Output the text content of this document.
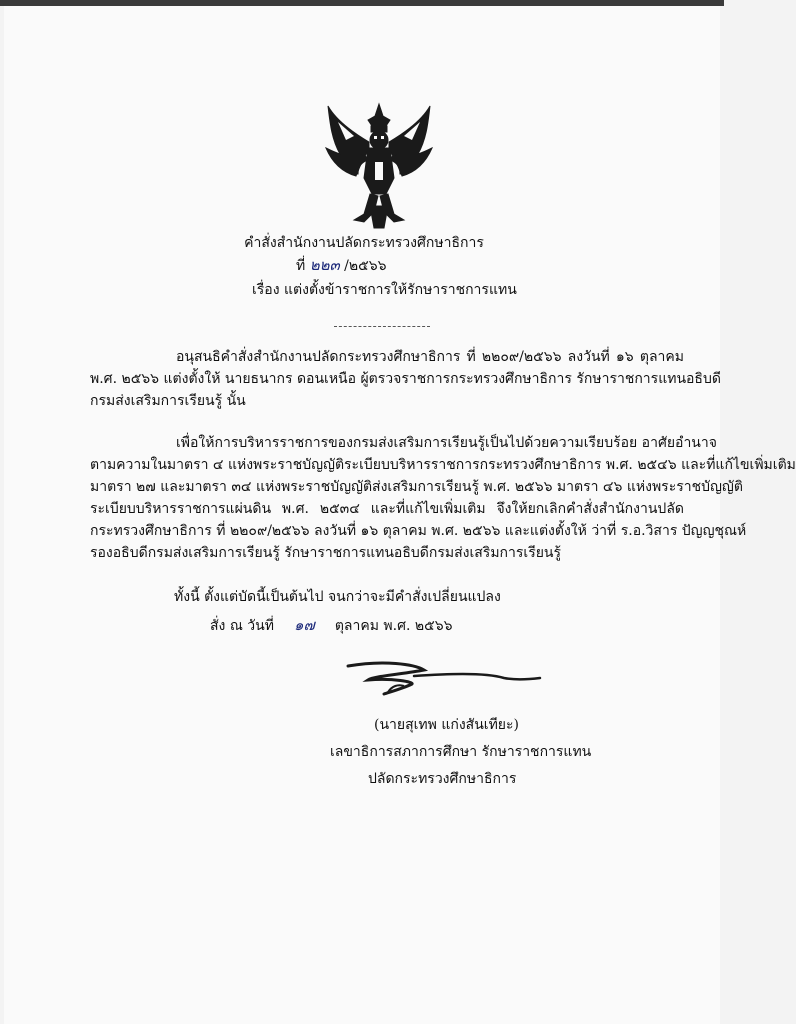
คำสั่งสำนักงานปลัดกระทรวงศึกษาธิการ
ที่ ๒๒๓ /๒๕๖๖
เรื่อง แต่งตั้งข้าราชการให้รักษาราชการแทน
อนุสนธิคำสั่งสำนักงานปลัดกระทรวงศึกษาธิการ ที่ ๒๒๐๙/๒๕๖๖ ลงวันที่ ๑๖ ตุลาคม
พ.ศ. ๒๕๖๖ แต่งตั้งให้ นายธนากร ดอนเหนือ ผู้ตรวจราชการกระทรวงศึกษาธิการ รักษาราชการแทนอธิบดี
กรมส่งเสริมการเรียนรู้ นั้น
เพื่อให้การบริหารราชการของกรมส่งเสริมการเรียนรู้เป็นไปด้วยความเรียบร้อย อาศัยอำนาจ
ตามความในมาตรา ๔ แห่งพระราชบัญญัติระเบียบบริหารราชการกระทรวงศึกษาธิการ พ.ศ. ๒๕๔๖ และที่แก้ไขเพิ่มเติม
มาตรา ๒๗ และมาตรา ๓๔ แห่งพระราชบัญญัติส่งเสริมการเรียนรู้ พ.ศ. ๒๕๖๖ มาตรา ๔๖ แห่งพระราชบัญญัติ
ระเบียบบริหารราชการแผ่นดิน พ.ศ. ๒๕๓๔ และที่แก้ไขเพิ่มเติม จึงให้ยกเลิกคำสั่งสำนักงานปลัด
กระทรวงศึกษาธิการ ที่ ๒๒๐๙/๒๕๖๖ ลงวันที่ ๑๖ ตุลาคม พ.ศ. ๒๕๖๖ และแต่งตั้งให้ ว่าที่ ร.อ.วิสาร ปัญญชุณห์
รองอธิบดีกรมส่งเสริมการเรียนรู้ รักษาราชการแทนอธิบดีกรมส่งเสริมการเรียนรู้
ทั้งนี้ ตั้งแต่บัดนี้เป็นต้นไป จนกว่าจะมีคำสั่งเปลี่ยนแปลง
สั่ง ณ วันที่ ๑๗ ตุลาคม พ.ศ. ๒๕๖๖
(นายสุเทพ แก่งสันเทียะ)
เลขาธิการสภาการศึกษา รักษาราชการแทน
ปลัดกระทรวงศึกษาธิการ
